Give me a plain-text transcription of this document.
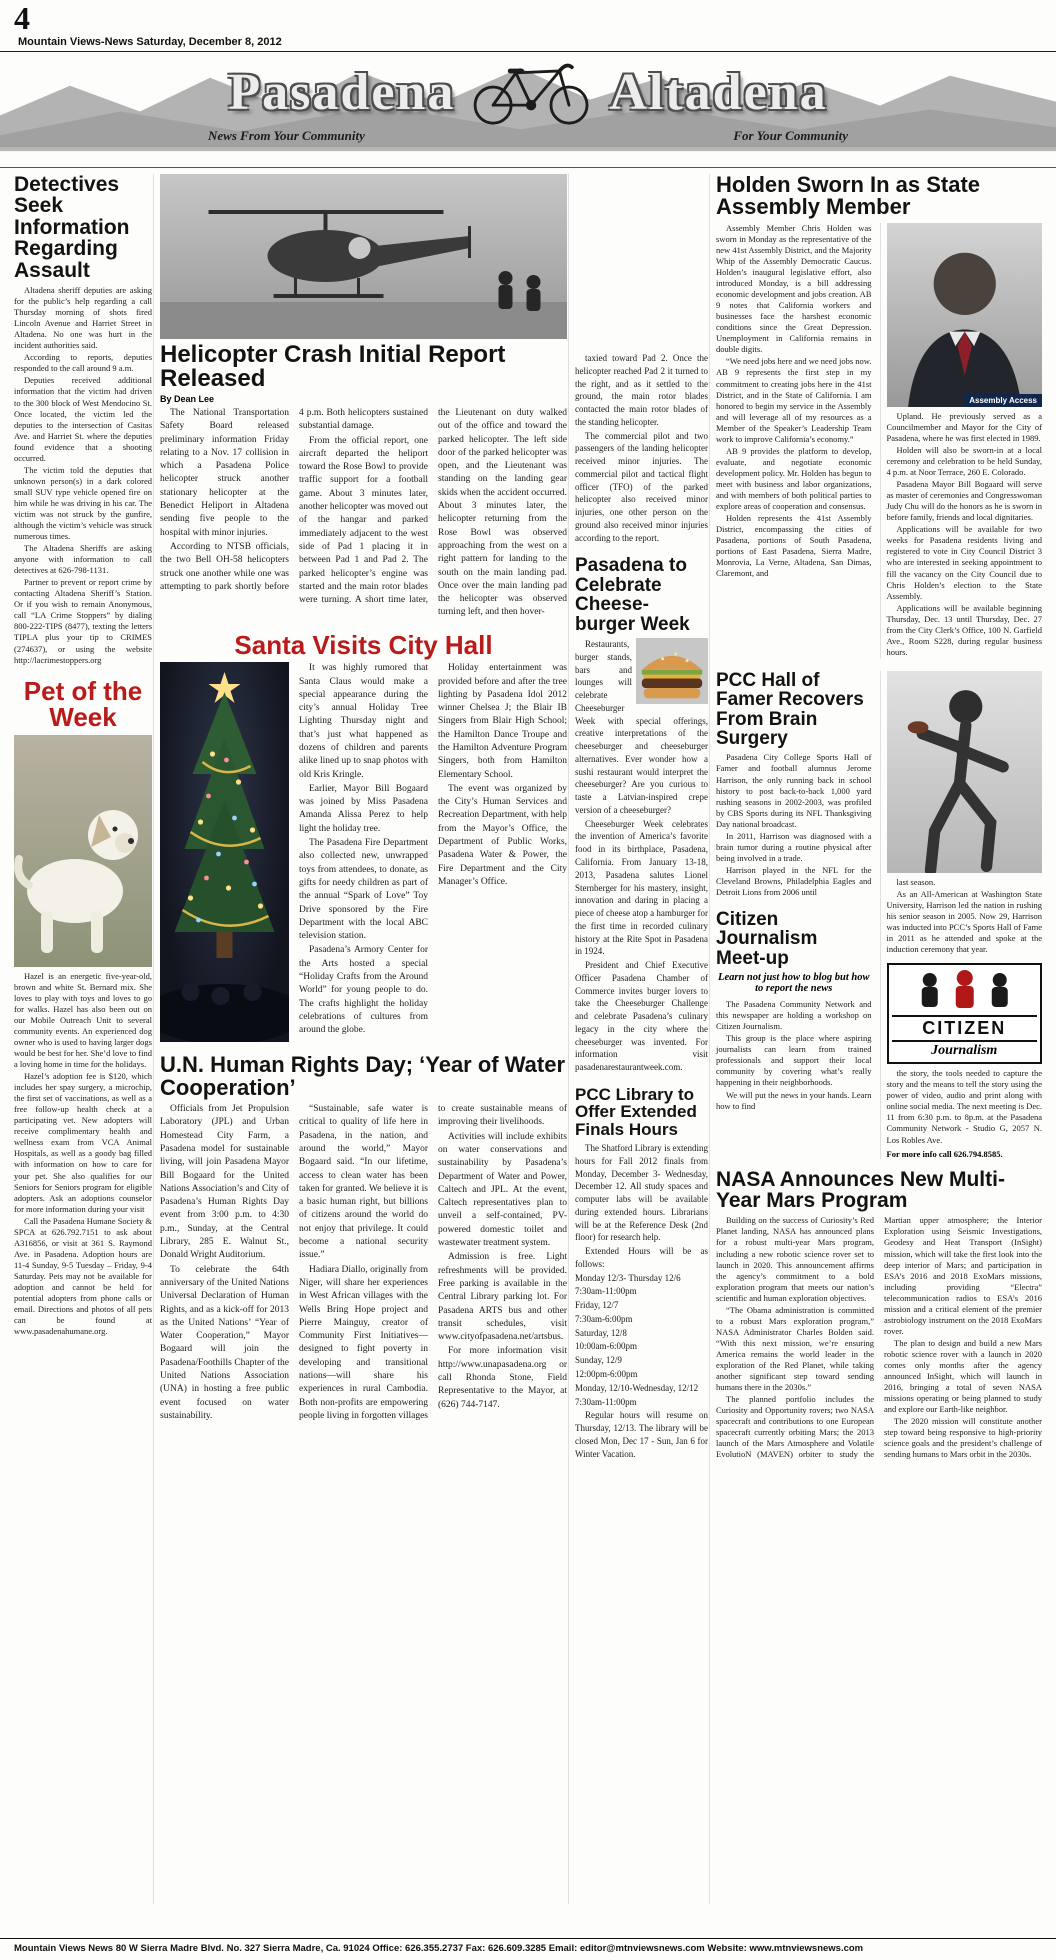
4
Mountain Views-News Saturday, December 8, 2012
Pasadena	Altadena
News From Your Community	For Your Community
Detectives Seek Information Regarding Assault

Altadena sheriff deputies are asking for the public’s help regarding a call Thursday morning of shots fired Lincoln Avenue and Harriet Street in Altadena. No one was hurt in the incident authorities said.

According to reports, deputies responded to the call around 9 a.m.

Deputies received additional information that the victim had driven to the 300 block of West Mendocino St. Once located, the victim led the deputies to the intersection of Casitas Ave. and Harriet St. where the deputies found evidence that a shooting occurred.

The victim told the deputies that unknown person(s) in a dark colored small SUV type vehicle opened fire on him while he was driving in his car. The victim was not struck by the gunfire, although the victim’s vehicle was struck numerous times.

The Altadena Sheriffs are asking anyone with information to call detectives at 626-798-1131.

Partner to prevent or report crime by contacting Altadena Sheriff’s Station. Or if you wish to remain Anonymous, call “LA Crime Stoppers” by dialing 800-222-TIPS (8477), texting the letters TIPLA plus your tip to CRIMES (274637), or using the website http://lacrimestoppers.org

Pet of the Week

Hazel is an energetic five-year-old, brown and white St. Bernard mix. She loves to play with toys and loves to go for walks. Hazel has also been out on our Mobile Outreach Unit to several community events. An experienced dog owner who is used to having larger dogs would be best for her. She’d love to find a loving home in time for the holidays.

Hazel’s adoption fee is $120, which includes her spay surgery, a microchip, the first set of vaccinations, as well as a free follow-up health check at a participating vet. New adopters will receive complimentary health and wellness exam from VCA Animal Hospitals, as well as a goody bag filled with information on how to care for your pet. She also qualifies for our Seniors for Seniors program for eligible adopters. Ask an adoptions counselor for more information during your visit

Call the Pasadena Humane Society & SPCA at 626.792.7151 to ask about A316856, or visit at 361 S. Raymond Ave. in Pasadena. Adoption hours are 11-4 Sunday, 9-5 Tuesday – Friday, 9-4 Saturday. Pets may not be available for adoption and cannot be held for potential adopters from phone calls or email. Directions and photos of all pets can be found at www.pasadenahumane.org.

Helicopter Crash Initial Report Released
By Dean Lee

The National Transportation Safety Board released preliminary information Friday relating to a Nov. 17 collision in which a Pasadena Police helicopter struck another stationary helicopter at the Benedict Heliport in Altadena sending five people to the hospital with minor injuries.

According to NTSB officials, the two Bell OH-58 helicopters struck one another while one was attempting to park shortly before 4 p.m. Both helicopters sustained substantial damage.

From the official report, one aircraft departed the heliport toward the Rose Bowl to provide traffic support for a football game. About 3 minutes later, another helicopter was moved out of the hangar and parked immediately adjacent to the west side of Pad 1 placing it in between Pad 1 and Pad 2. The parked helicopter’s engine was started and the main rotor blades were turning. A short time later, the Lieutenant on duty walked out of the office and toward the parked helicopter. The left side door of the parked helicopter was open, and the Lieutenant was standing on the landing gear skids when the accident occurred. About 3 minutes later, the helicopter returning from the Rose Bowl was observed approaching from the west on a right pattern for landing to the south on the main landing pad. Once over the main landing pad the helicopter was observed turning left, and then hover-

Santa Visits City Hall

It was highly rumored that Santa Claus would make a special appearance during the city’s annual Holiday Tree Lighting Thursday night and that’s just what happened as dozens of children and parents alike lined up to snap photos with old Kris Kringle.

Earlier, Mayor Bill Bogaard was joined by Miss Pasadena Amanda Alissa Perez to help light the holiday tree.

The Pasadena Fire Department also collected new, unwrapped toys from attendees, to donate, as gifts for needy children as part of the annual “Spark of Love” Toy Drive sponsored by the Fire Department with the local ABC television station.

Pasadena’s Armory Center for the Arts hosted a special “Holiday Crafts from the Around World” for young people to do. The crafts highlight the holiday celebrations of cultures from around the globe.

Holiday entertainment was provided before and after the tree lighting by Pasadena Idol 2012 winner Chelsea J; the Blair IB Singers from Blair High School; the Hamilton Dance Troupe and the Hamilton Adventure Program Singers, both from Hamilton Elementary School.

The event was organized by the City’s Human Services and Recreation Department, with help from the Mayor’s Office, the Department of Public Works, Pasadena Water & Power, the Fire Department and the City Manager’s Office.

U.N. Human Rights Day; ‘Year of Water Cooperation’

Officials from Jet Propulsion Laboratory (JPL) and Urban Homestead City Farm, a Pasadena model for sustainable living, will join Pasadena Mayor Bill Bogaard for the United Nations Association’s and City of Pasadena’s Human Rights Day event from 3:00 p.m. to 4:30 p.m., Sunday, at the Central Library, 285 E. Walnut St., Donald Wright Auditorium.

To celebrate the 64th anniversary of the United Nations Universal Declaration of Human Rights, and as a kick-off for 2013 as the United Nations’ “Year of Water Cooperation,” Mayor Bogaard will join the Pasadena/Foothills Chapter of the United Nations Association (UNA) in hosting a free public event focused on water sustainability.

“Sustainable, safe water is critical to quality of life here in Pasadena, in the nation, and around the world,” Mayor Bogaard said. “In our lifetime, access to clean water has been taken for granted. We believe it is a basic human right, but billions of citizens around the world do not enjoy that privilege. It could become a national security issue.”

Hadiara Diallo, originally from Niger, will share her experiences in West African villages with the Wells Bring Hope project and Pierre Mainguy, creator of Community First Initiatives—designed to fight poverty in developing and transitional nations—will share his experiences in rural Cambodia. Both non-profits are empowering people living in forgotten villages to create sustainable means of improving their livelihoods.

Activities will include exhibits on water conservations and sustainability by Pasadena’s Department of Water and Power, Caltech and JPL. At the event, Caltech representatives plan to unveil a self-contained, PV-powered domestic toilet and wastewater treatment system.

Admission is free. Light refreshments will be provided. Free parking is available in the Central Library parking lot. For Pasadena ARTS bus and other transit schedules, visit www.cityofpasadena.net/artsbus.

For more information visit http://www.unapasadena.org or call Rhonda Stone, Field Representative to the Mayor, at (626) 744-7147.

taxied toward Pad 2. Once the helicopter reached Pad 2 it turned to the right, and as it settled to the ground, the main rotor blades contacted the main rotor blades of the standing helicopter.

The commercial pilot and two passengers of the landing helicopter received minor injuries. The commercial pilot and tactical flight officer (TFO) of the parked helicopter also received minor injuries, one other person on the ground also received minor injuries according to the report.

Pasadena to Celebrate Cheese-burger Week

Restaurants, burger stands, bars and lounges will celebrate Cheeseburger Week with special offerings, creative interpretations of the cheeseburger and cheeseburger alternatives. Ever wonder how a sushi restaurant would interpret the cheeseburger? Are you curious to taste a Latvian-inspired crepe version of a cheeseburger?

Cheeseburger Week celebrates the invention of America’s favorite food in its birthplace, Pasadena, California. From January 13-18, 2013, Pasadena salutes Lionel Sternberger for his mastery, insight, innovation and daring in placing a piece of cheese atop a hamburger for the first time in recorded culinary history at the Rite Spot in Pasadena in 1924.

President and Chief Executive Officer Pasadena Chamber of Commerce invites burger lovers to take the Cheeseburger Challenge and celebrate Pasadena’s culinary legacy in the city where the cheeseburger was invented. For information visit pasadenarestaurantweek.com.

PCC Library to Offer Extended Finals Hours

The Shatford Library is extending hours for Fall 2012 finals from Monday, December 3- Wednesday, December 12. All study spaces and computer labs will be available during extended hours. Librarians will be at the Reference Desk (2nd floor) for research help.

Extended Hours will be as follows:

Monday 12/3- Thursday 12/6

7:30am-11:00pm

Friday, 12/7

7:30am-6:00pm

Saturday, 12/8

10:00am-6:00pm

Sunday, 12/9

12:00pm-6:00pm

Monday, 12/10-Wednesday, 12/12

7:30am-11:00pm

Regular hours will resume on Thursday, 12/13. The library will be closed Mon, Dec 17 - Sun, Jan 6 for Winter Vacation.

Holden Sworn In as State Assembly Member

Assembly Member Chris Holden was sworn in Monday as the representative of the new 41st Assembly District, and the Majority Whip of the Assembly Democratic Caucus. Holden’s inaugural legislative effort, also introduced Monday, is a bill addressing economic development and jobs creation. AB 9 notes that California workers and businesses face the harshest economic conditions since the Great Depression. Unemployment in California remains in double digits.

“We need jobs here and we need jobs now. AB 9 represents the first step in my commitment to creating jobs here in the 41st District, and in the State of California. I am honored to begin my service in the Assembly and will leverage all of my resources as a Member of the Speaker’s Leadership Team work to improve California’s economy.”

AB 9 provides the platform to develop, evaluate, and negotiate economic development policy. Mr. Holden has begun to meet with business and labor organizations, and with members of both political parties to explore areas of cooperation and consensus.

Holden represents the 41st Assembly District, encompassing the cities of Pasadena, portions of South Pasadena, portions of East Pasadena, Sierra Madre, Monrovia, La Verne, Altadena, San Dimas, Claremont, and

Assembly Access

Upland. He previously served as a Councilmember and Mayor for the City of Pasadena, where he was first elected in 1989.

Holden will also be sworn-in at a local ceremony and celebration to be held Sunday, 4 p.m. at Noor Terrace, 260 E. Colorado.

Pasadena Mayor Bill Bogaard will serve as master of ceremonies and Congresswoman Judy Chu will do the honors as he is sworn in before family, friends and local dignitaries.

Applications will be available for two weeks for Pasadena residents living and registered to vote in City Council District 3 who are interested in seeking appointment to fill the vacancy on the City Council due to Chris Holden’s election to the State Assembly.

Applications will be available beginning Thursday, Dec. 13 until Thursday, Dec. 27 from the City Clerk’s Office, 100 N. Garfield Ave., Room S228, during regular business hours.

PCC Hall of Famer Recovers From Brain Surgery

Pasadena City College Sports Hall of Famer and football alumnus Jerome Harrison, the only running back in school history to post back-to-back 1,000 yard rushing seasons in 2002-2003, was profiled by CBS Sports during its NFL Thanksgiving Day national broadcast.

In 2011, Harrison was diagnosed with a brain tumor during a routine physical after being involved in a trade.

Harrison played in the NFL for the Cleveland Browns, Philadelphia Eagles and Detroit Lions from 2006 until

Citizen Journalism Meet-up
Learn not just how to blog but how to report the news

The Pasadena Community Network and this newspaper are holding a workshop on Citizen Journalism.

This group is the place where aspiring journalists can learn from trained professionals and support their local community by covering what’s really happening in their neighborhoods.

We will put the news in your hands. Learn how to find

last season.

As an All-American at Washington State University, Harrison led the nation in rushing his senior season in 2005. Now 29, Harrison was inducted into PCC’s Sports Hall of Fame in 2011 as he attended and spoke at the induction ceremony that year.

CITIZEN
Journalism

the story, the tools needed to capture the story and the means to tell the story using the power of video, audio and print along with online social media. The next meeting is Dec. 11 from 6:30 p.m. to 8p.m. at the Pasadena Community Network - Studio G, 2057 N. Los Robles Ave.

For more info call 626.794.8585.
NASA Announces New Multi-Year Mars Program

Building on the success of Curiosity’s Red Planet landing, NASA has announced plans for a robust multi-year Mars program, including a new robotic science rover set to launch in 2020. This announcement affirms the agency’s commitment to a bold exploration program that meets our nation’s scientific and human exploration objectives.

“The Obama administration is committed to a robust Mars exploration program,” NASA Administrator Charles Bolden said. “With this next mission, we’re ensuring America remains the world leader in the exploration of the Red Planet, while taking another significant step toward sending humans there in the 2030s.”

The planned portfolio includes the Curiosity and Opportunity rovers; two NASA spacecraft and contributions to one European spacecraft currently orbiting Mars; the 2013 launch of the Mars Atmosphere and Volatile EvolutioN (MAVEN) orbiter to study the Martian upper atmosphere; the Interior Exploration using Seismic Investigations, Geodesy and Heat Transport (InSight) mission, which will take the first look into the deep interior of Mars; and participation in ESA’s 2016 and 2018 ExoMars missions, including providing “Electra” telecommunication radios to ESA’s 2016 mission and a critical element of the premier astrobiology instrument on the 2018 ExoMars rover.

The plan to design and build a new Mars robotic science rover with a launch in 2020 comes only months after the agency announced InSight, which will launch in 2016, bringing a total of seven NASA missions operating or being planned to study and explore our Earth-like neighbor.

The 2020 mission will constitute another step toward being responsive to high-priority science goals and the president’s challenge of sending humans to Mars orbit in the 2030s.

Mountain Views News 80 W Sierra Madre Blvd. No. 327 Sierra Madre, Ca. 91024 Office: 626.355.2737 Fax: 626.609.3285 Email: editor@mtnviewsnews.com Website: www.mtnviewsnews.com
